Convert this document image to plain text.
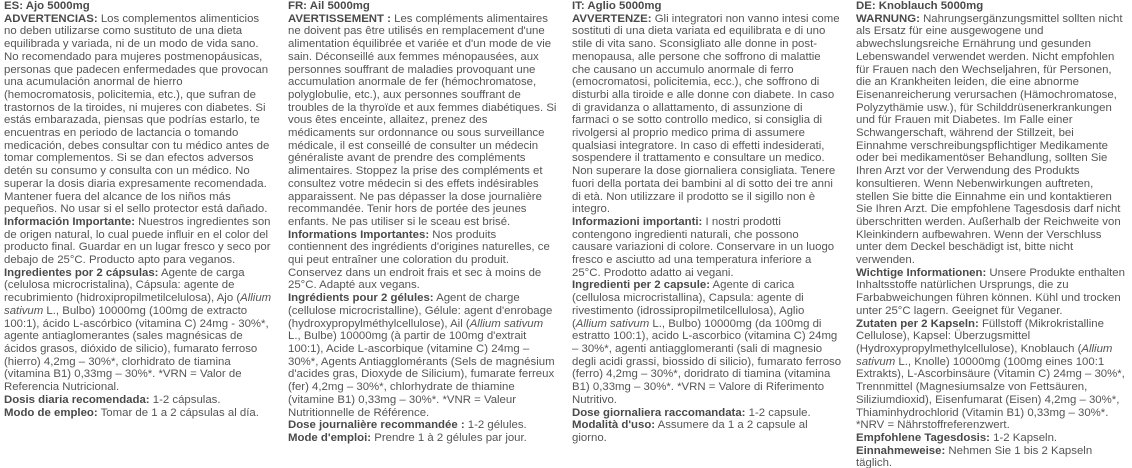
ES: Ajo 5000mg

ADVERTENCIAS: Los complementos alimenticios no deben utilizarse como sustituto de una dieta equilibrada y variada, ni de un modo de vida sano. No recomendado para mujeres postmenopáusicas, personas que padecen enfermedades que provocan una acumulación anormal de hierro (hemocromatosis, policitemia, etc.), que sufran de trastornos de la tiroides, ni mujeres con diabetes. Si estás embarazada, piensas que podrías estarlo, te encuentras en periodo de lactancia o tomando medicación, debes consultar con tu médico antes de tomar complementos. Si se dan efectos adversos detén su consumo y consulta con un médico. No superar la dosis diaria expresamente recomendada. Mantener fuera del alcance de los niños más pequeños. No usar si el sello protector está dañado.

Información Importante: Nuestros ingredientes son de origen natural, lo cual puede influir en el color del producto final. Guardar en un lugar fresco y seco por debajo de 25°C. Producto apto para veganos.

Ingredientes por 2 cápsulas: Agente de carga (celulosa microcristalina), Cápsula: agente de recubrimiento (hidroxipropilmetilcelulosa), Ajo (Allium sativum L., Bulbo) 10000mg (100mg de extracto 100:1), ácido L-ascórbico (vitamina C) 24mg - 30%*, agente antiaglomerantes (sales magnésicas de ácidos grasos, dióxido de silicio), fumarato ferroso (hierro) 4,2mg – 30%*, clorhidrato de tiamina (vitamina B1) 0,33mg – 30%*. *VRN = Valor de Referencia Nutricional.

Dosis diaria recomendada: 1-2 cápsulas.

Modo de empleo: Tomar de 1 a 2 cápsulas al día.

FR: Ail 5000mg

AVERTISSEMENT : Les compléments alimentaires ne doivent pas être utilisés en remplacement d'une alimentation équilibrée et variée et d'un mode de vie sain. Déconseillé aux femmes ménopausées, aux personnes souffrant de maladies provoquant une accumulation anormale de fer (hémochromatose, polyglobulie, etc.), aux personnes souffrant de troubles de la thyroïde et aux femmes diabétiques. Si vous êtes enceinte, allaitez, prenez des médicaments sur ordonnance ou sous surveillance médicale, il est conseillé de consulter un médecin généraliste avant de prendre des compléments alimentaires. Stoppez la prise des compléments et consultez votre médecin si des effets indésirables apparaissent. Ne pas dépasser la dose journalière recommandée. Tenir hors de portée des jeunes enfants. Ne pas utiliser si le sceau est brisé.

Informations Importantes: Nos produits contiennent des ingrédients d'origines naturelles, ce qui peut entraîner une coloration du produit. Conservez dans un endroit frais et sec à moins de 25°C. Adapté aux vegans.

Ingrédients pour 2 gélules: Agent de charge (cellulose microcristalline), Gélule: agent d'enrobage (hydroxypropylméthylcellulose), Ail (Allium sativum L., Bulbe) 10000mg (à partir de 100mg d'extrait 100:1), Acide L-ascorbique (vitamine C) 24mg – 30%*, Agents Antiagglomérants (Sels de magnésium d'acides gras, Dioxyde de Silicium), fumarate ferreux (fer) 4,2mg – 30%*, chlorhydrate de thiamine (vitamine B1) 0,33mg – 30%*. *VNR = Valeur Nutritionnelle de Référence.

Dose journalière recommandée : 1-2 gélules.

Mode d'emploi: Prendre 1 à 2 gélules par jour.

IT: Aglio 5000mg

AVVERTENZE: Gli integratori non vanno intesi come sostituti di una dieta variata ed equilibrata e di uno stile di vita sano. Sconsigliato alle donne in post-menopausa, alle persone che soffrono di malattie che causano un accumulo anormale di ferro (emocromatosi, policitemia, ecc.), che soffrono di disturbi alla tiroide e alle donne con diabete. In caso di gravidanza o allattamento, di assunzione di farmaci o se sotto controllo medico, si consiglia di rivolgersi al proprio medico prima di assumere qualsiasi integratore. In caso di effetti indesiderati, sospendere il trattamento e consultare un medico. Non superare la dose giornaliera consigliata. Tenere fuori della portata dei bambini al di sotto dei tre anni di età. Non utilizzare il prodotto se il sigillo non è integro.

Informazioni importanti: I nostri prodotti contengono ingredienti naturali, che possono causare variazioni di colore. Conservare in un luogo fresco e asciutto ad una temperatura inferiore a 25°C. Prodotto adatto ai vegani.

Ingredienti per 2 capsule: Agente di carica (cellulosa microcristallina), Capsula: agente di rivestimento (idrossipropilmetilcellulosa), Aglio (Allium sativum L., Bulbo) 10000mg (da 100mg di estratto 100:1), acido L-ascorbico (vitamina C) 24mg – 30%*, agenti antiagglomeranti (sali di magnesio degli acidi grassi, biossido di silicio), fumarato ferroso (ferro) 4,2mg – 30%*, doridrato di tiamina (vitamina B1) 0,33mg – 30%*. *VRN = Valore di Riferimento Nutritivo.

Dose giornaliera raccomandata: 1-2 capsule.

Modalità d'uso: Assumere da 1 a 2 capsule al giorno.

DE: Knoblauch 5000mg

WARNUNG: Nahrungsergänzungsmittel sollten nicht als Ersatz für eine ausgewogene und abwechslungsreiche Ernährung und gesunden Lebenswandel verwendet werden. Nicht empfohlen für Frauen nach den Wechseljahren, für Personen, die an Krankheiten leiden, die eine abnorme Eisenanreicherung verursachen (Hämochromatose, Polyzythämie usw.), für Schilddrüsenerkrankungen und für Frauen mit Diabetes. Im Falle einer Schwangerschaft, während der Stillzeit, bei Einnahme verschreibungspflichtiger Medikamente oder bei medikamentöser Behandlung, sollten Sie Ihren Arzt vor der Verwendung des Produkts konsultieren. Wenn Nebenwirkungen auftreten, stellen Sie bitte die Einnahme ein und kontaktieren Sie Ihren Arzt. Die empfohlene Tagesdosis darf nicht überschritten werden. Außerhalb der Reichweite von Kleinkindern aufbewahren. Wenn der Verschluss unter dem Deckel beschädigt ist, bitte nicht verwenden.

Wichtige Informationen: Unsere Produkte enthalten Inhaltsstoffe natürlichen Ursprungs, die zu Farbabweichungen führen können. Kühl und trocken unter 25°C lagern. Geeignet für Veganer.

Zutaten per 2 Kapseln: Füllstoff (Mikrokristalline Cellulose), Kapsel: Überzugsmittel (Hydroxypropylmethylcellulose), Knoblauch (Allium sativum L., Knolle) 10000mg (100mg eines 100:1 Extrakts), L-Ascorbinsäure (Vitamin C) 24mg – 30%*, Trennmittel (Magnesiumsalze von Fettsäuren, Siliziumdioxid), Eisenfumarat (Eisen) 4,2mg – 30%*, Thiaminhydrochlorid (Vitamin B1) 0,33mg – 30%*. *NRV = Nährstoffreferenzwert.

Empfohlene Tagesdosis: 1-2 Kapseln.

Einnahmeweise: Nehmen Sie 1 bis 2 Kapseln täglich.
